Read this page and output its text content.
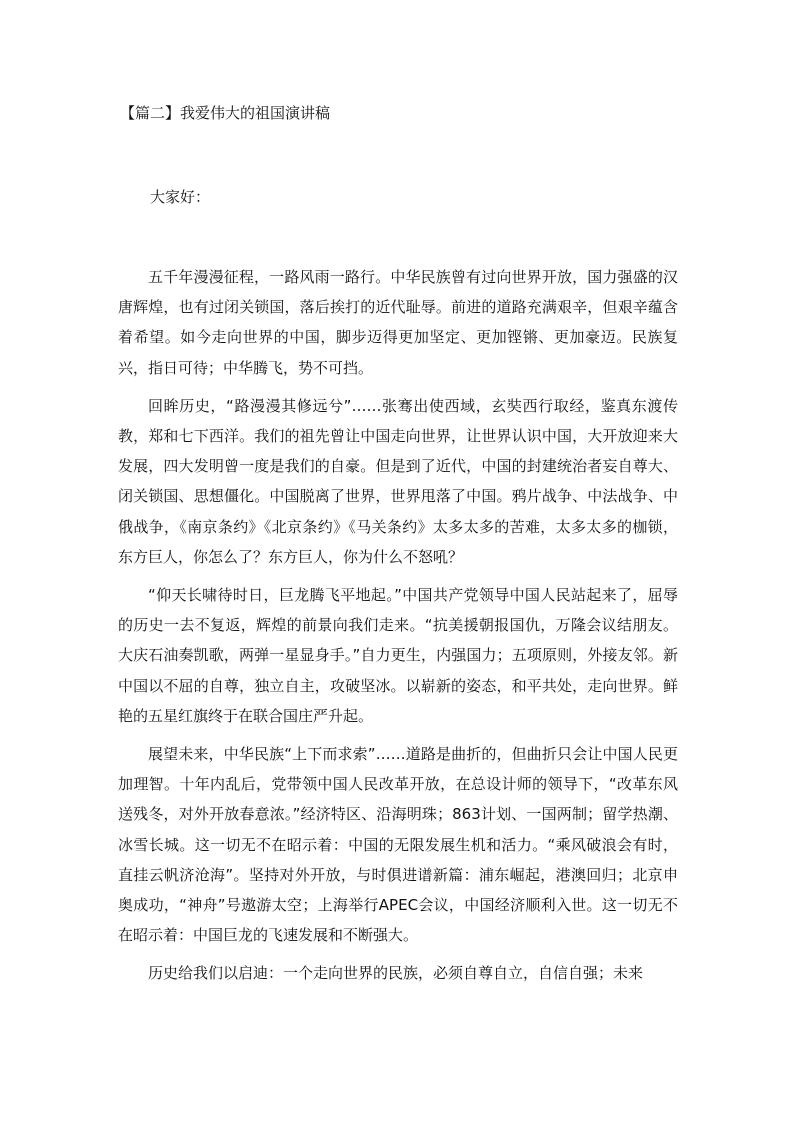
【篇二】我爱伟大的祖国演讲稿
大家好：

五千年漫漫征程，一路风雨一路行。中华民族曾有过向世界开放，国力强盛的汉唐辉煌，也有过闭关锁国，落后挨打的近代耻辱。前进的道路充满艰辛，但艰辛蕴含着希望。如今走向世界的中国，脚步迈得更加坚定、更加铿锵、更加豪迈。民族复兴，指日可待；中华腾飞，势不可挡。

回眸历史，“路漫漫其修远兮”……张骞出使西域，玄奘西行取经，鉴真东渡传教，郑和七下西洋。我们的祖先曾让中国走向世界，让世界认识中国，大开放迎来大发展，四大发明曾一度是我们的自豪。但是到了近代，中国的封建统治者妄自尊大、闭关锁国、思想僵化。中国脱离了世界，世界甩落了中国。鸦片战争、中法战争、中俄战争，《南京条约》《北京条约》《马关条约》太多太多的苦难，太多太多的枷锁，东方巨人，你怎么了？东方巨人，你为什么不怒吼？

“仰天长啸待时日，巨龙腾飞平地起。”中国共产党领导中国人民站起来了，屈辱的历史一去不复返，辉煌的前景向我们走来。“抗美援朝报国仇，万隆会议结朋友。大庆石油奏凯歌，两弹一星显身手。”自力更生，内强国力；五项原则，外接友邻。新中国以不屈的自尊，独立自主，攻破坚冰。以崭新的姿态，和平共处，走向世界。鲜艳的五星红旗终于在联合国庄严升起。

展望未来，中华民族“上下而求索”……道路是曲折的，但曲折只会让中国人民更加理智。十年内乱后，党带领中国人民改革开放，在总设计师的领导下，“改革东风送残冬，对外开放春意浓。”经济特区、沿海明珠；863计划、一国两制；留学热潮、冰雪长城。这一切无不在昭示着：中国的无限发展生机和活力。“乘风破浪会有时，直挂云帆济沧海”。坚持对外开放，与时俱进谱新篇：浦东崛起，港澳回归；北京申奥成功，“神舟”号遨游太空；上海举行APEC会议，中国经济顺利入世。这一切无不在昭示着：中国巨龙的飞速发展和不断强大。

历史给我们以启迪：一个走向世界的民族，必须自尊自立，自信自强；未来
